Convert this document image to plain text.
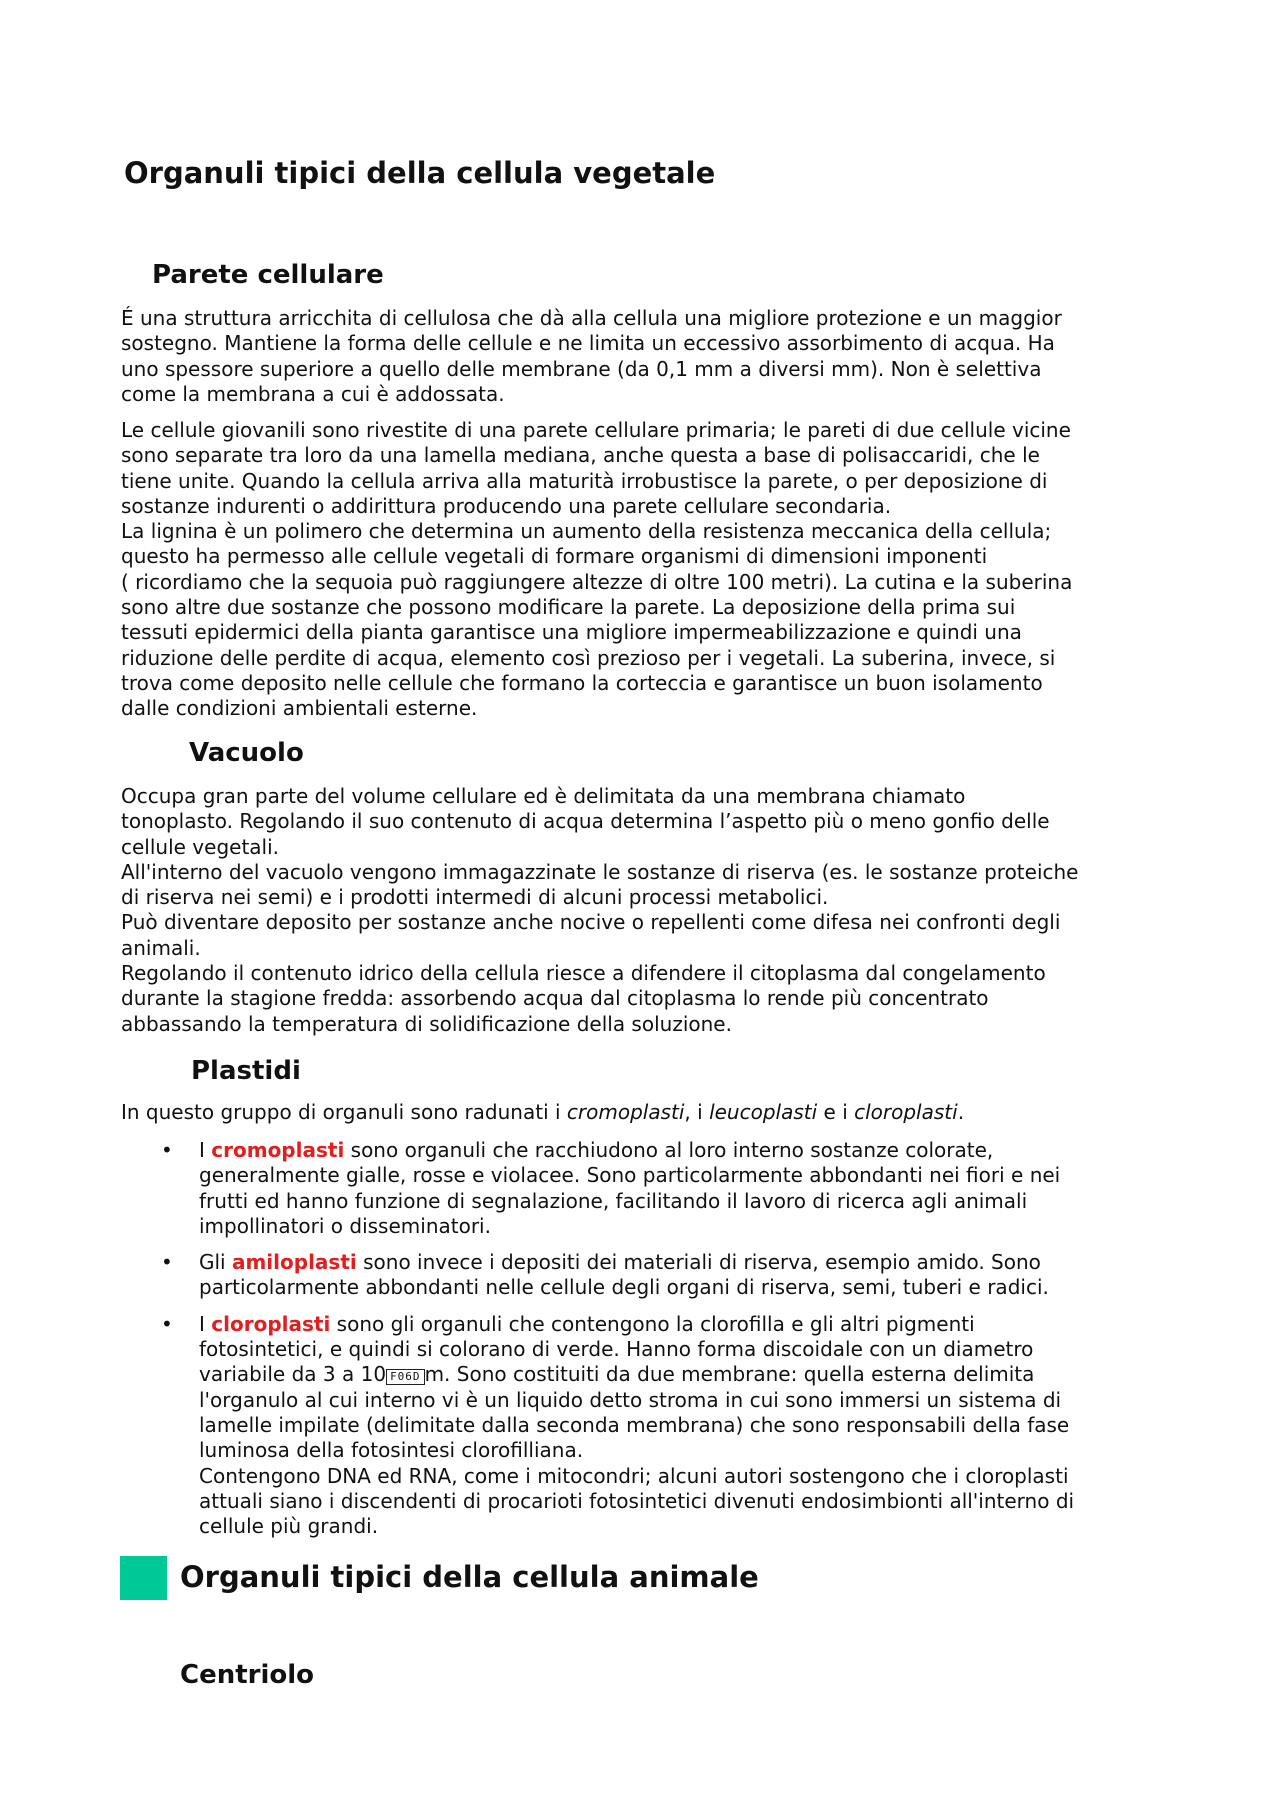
Organuli tipici della cellula vegetale
Parete cellulare
É una struttura arricchita di cellulosa che dà alla cellula una migliore protezione e un maggior
sostegno. Mantiene la forma delle cellule e ne limita un eccessivo assorbimento di acqua. Ha
uno spessore superiore a quello delle membrane (da 0,1 mm a diversi mm). Non è selettiva
come la membrana a cui è addossata.
Le cellule giovanili sono rivestite di una parete cellulare primaria; le pareti di due cellule vicine
sono separate tra loro da una lamella mediana, anche questa a base di polisaccaridi, che le
tiene unite. Quando la cellula arriva alla maturità irrobustisce la parete, o per deposizione di
sostanze indurenti o addirittura producendo una parete cellulare secondaria.
La lignina è un polimero che determina un aumento della resistenza meccanica della cellula;
questo ha permesso alle cellule vegetali di formare organismi di dimensioni imponenti
( ricordiamo che la sequoia può raggiungere altezze di oltre 100 metri). La cutina e la suberina
sono altre due sostanze che possono modificare la parete. La deposizione della prima sui
tessuti epidermici della pianta garantisce una migliore impermeabilizzazione e quindi una
riduzione delle perdite di acqua, elemento così prezioso per i vegetali. La suberina, invece, si
trova come deposito nelle cellule che formano la corteccia e garantisce un buon isolamento
dalle condizioni ambientali esterne.
Vacuolo
Occupa gran parte del volume cellulare ed è delimitata da una membrana chiamato
tonoplasto. Regolando il suo contenuto di acqua determina l’aspetto più o meno gonfio delle
cellule vegetali.
All'interno del vacuolo vengono immagazzinate le sostanze di riserva (es. le sostanze proteiche
di riserva nei semi) e i prodotti intermedi di alcuni processi metabolici.
Può diventare deposito per sostanze anche nocive o repellenti come difesa nei confronti degli
animali.
Regolando il contenuto idrico della cellula riesce a difendere il citoplasma dal congelamento
durante la stagione fredda: assorbendo acqua dal citoplasma lo rende più concentrato
abbassando la temperatura di solidificazione della soluzione.
Plastidi
In questo gruppo di organuli sono radunati i cromoplasti, i leucoplasti e i cloroplasti.
• I cromoplasti sono organuli che racchiudono al loro interno sostanze colorate,
generalmente gialle, rosse e violacee. Sono particolarmente abbondanti nei fiori e nei
frutti ed hanno funzione di segnalazione, facilitando il lavoro di ricerca agli animali
impollinatori o disseminatori.
• Gli amiloplasti sono invece i depositi dei materiali di riserva, esempio amido. Sono
particolarmente abbondanti nelle cellule degli organi di riserva, semi, tuberi e radici.
• I cloroplasti sono gli organuli che contengono la clorofilla e gli altri pigmenti
fotosintetici, e quindi si colorano di verde. Hanno forma discoidale con un diametro
variabile da 3 a 10 F06D m. Sono costituiti da due membrane: quella esterna delimita
l'organulo al cui interno vi è un liquido detto stroma in cui sono immersi un sistema di
lamelle impilate (delimitate dalla seconda membrana) che sono responsabili della fase
luminosa della fotosintesi clorofilliana.
Contengono DNA ed RNA, come i mitocondri; alcuni autori sostengono che i cloroplasti
attuali siano i discendenti di procarioti fotosintetici divenuti endosimbionti all'interno di
cellule più grandi.
Organuli tipici della cellula animale
Centriolo
